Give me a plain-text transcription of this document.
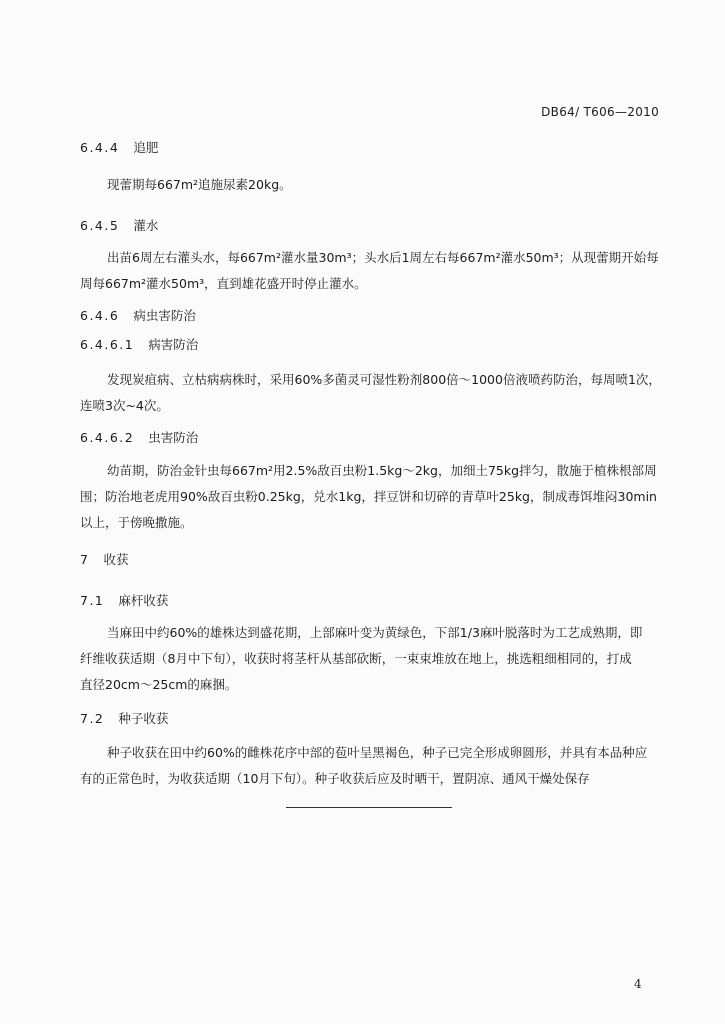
DB64/ T606—2010
6.4.4 追肥
现蕾期每667m²追施尿素20kg。
6.4.5 灌水
出苗6周左右灌头水，每667m²灌水量30m³；头水后1周左右每667m²灌水50m³；从现蕾期开始每
周每667m²灌水50m³，直到雄花盛开时停止灌水。
6.4.6 病虫害防治
6.4.6.1 病害防治
发现炭疽病、立枯病病株时，采用60%多菌灵可湿性粉剂800倍～1000倍液喷药防治，每周喷1次，
连喷3次~4次。
6.4.6.2 虫害防治
幼苗期，防治金针虫每667m²用2.5%敌百虫粉1.5kg～2kg，加细土75kg拌匀，散施于植株根部周
围；防治地老虎用90%敌百虫粉0.25kg，兑水1kg，拌豆饼和切碎的青草叶25kg，制成毒饵堆闷30min
以上，于傍晚撒施。
7 收获
7.1 麻杆收获
当麻田中约60%的雄株达到盛花期，上部麻叶变为黄绿色，下部1/3麻叶脱落时为工艺成熟期，即
纤维收获适期（8月中下旬），收获时将茎杆从基部砍断，一束束堆放在地上，挑选粗细相同的，打成
直径20cm～25cm的麻捆。
7.2 种子收获
种子收获在田中约60%的雌株花序中部的苞叶呈黑褐色，种子已完全形成卵圆形，并具有本品种应
有的正常色时，为收获适期（10月下旬）。种子收获后应及时晒干，置阴凉、通风干燥处保存
4
